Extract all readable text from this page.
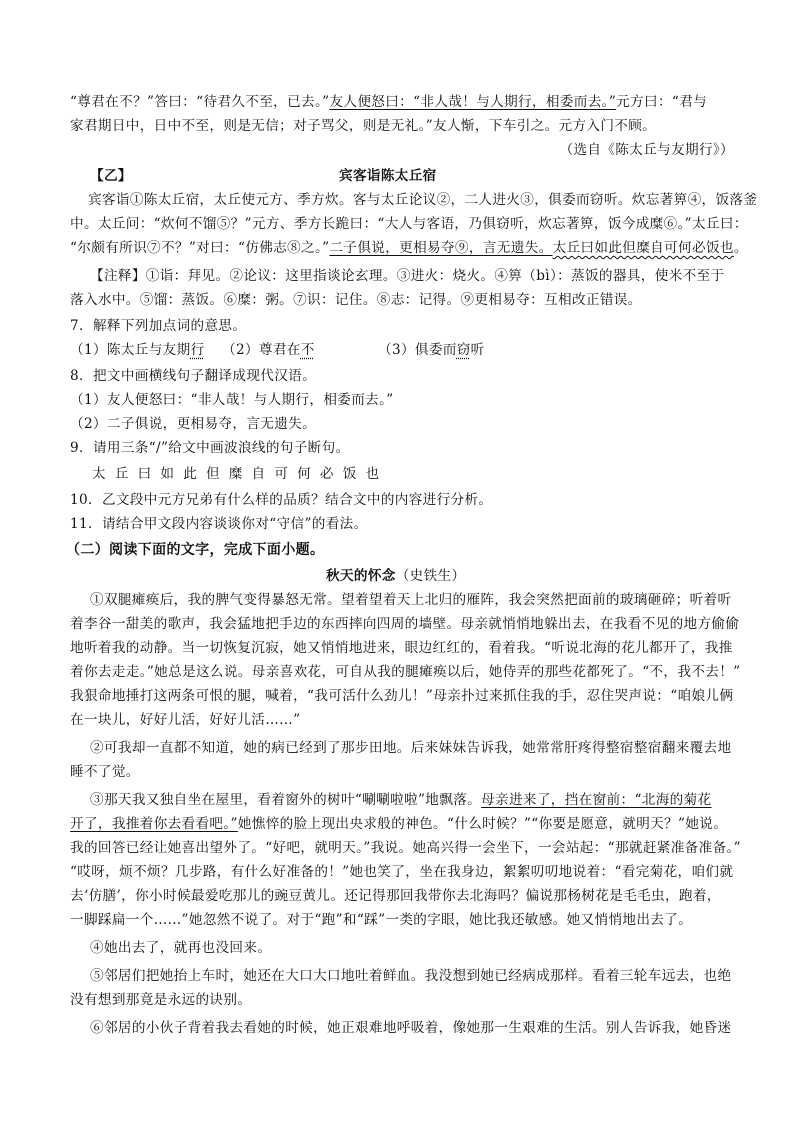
“尊君在不？”答曰：“待君久不至，已去。”友人便怒曰：“非人哉！与人期行，相委而去。”元方曰：“君与
家君期日中，日中不至，则是无信；对子骂父，则是无礼。”友人惭，下车引之。元方入门不顾。
（选自《陈太丘与友期行》）
【乙】	宾客诣陈太丘宿
宾客诣①陈太丘宿，太丘使元方、季方炊。客与太丘论议②，二人进火③，俱委而窃听。炊忘著箅④，饭落釜
中。太丘问：“炊何不馏⑤？”元方、季方长跪曰：“大人与客语，乃俱窃听，炊忘著箅，饭今成糜⑥。”太丘曰：
“尔颇有所识⑦不？”对曰：“仿佛志⑧之。”二子俱说，更相易夺⑨，言无遗失。太丘曰如此但糜自可何必饭也。
【注释】①诣：拜见。②论议：这里指谈论玄理。③进火：烧火。④箅（bì）：蒸饭的器具，使米不至于
落入水中。⑤馏：蒸饭。⑥糜：粥。⑦识：记住。⑧志：记得。⑨更相易夺：互相改正错误。
7．解释下列加点词的意思。
（1）陈太丘与友期行 （2）尊君在不	（3）俱委而窃听
8．把文中画横线句子翻译成现代汉语。
（1）友人便怒曰：“非人哉！与人期行，相委而去。”
（2）二子俱说，更相易夺，言无遗失。
9．请用三条“/”给文中画波浪线的句子断句。
太丘曰如此但糜自可何必饭也
10．乙文段中元方兄弟有什么样的品质？结合文中的内容进行分析。
11．请结合甲文段内容谈谈你对“守信”的看法。
（二）阅读下面的文字，完成下面小题。
秋天的怀念（史铁生）
①双腿瘫痪后，我的脾气变得暴怒无常。望着望着天上北归的雁阵，我会突然把面前的玻璃砸碎；听着听
着李谷一甜美的歌声，我会猛地把手边的东西摔向四周的墙壁。母亲就悄悄地躲出去，在我看不见的地方偷偷
地听着我的动静。当一切恢复沉寂，她又悄悄地进来，眼边红红的，看着我。“听说北海的花儿都开了，我推
着你去走走。”她总是这么说。母亲喜欢花，可自从我的腿瘫痪以后，她侍弄的那些花都死了。“不，我不去！”
我狠命地捶打这两条可恨的腿，喊着，“我可活什么劲儿！”母亲扑过来抓住我的手，忍住哭声说：“咱娘儿俩
在一块儿，好好儿活，好好儿活……”
②可我却一直都不知道，她的病已经到了那步田地。后来妹妹告诉我，她常常肝疼得整宿整宿翻来覆去地
睡不了觉。
③那天我又独自坐在屋里，看着窗外的树叶“唰唰啦啦”地飘落。母亲进来了，挡在窗前：“北海的菊花
开了，我推着你去看看吧。”她憔悴的脸上现出央求般的神色。“什么时候？”“你要是愿意，就明天？”她说。
我的回答已经让她喜出望外了。“好吧，就明天。”我说。她高兴得一会坐下，一会站起：“那就赶紧准备准备。”
“哎呀，烦不烦？几步路，有什么好准备的！”她也笑了，坐在我身边，絮絮叨叨地说着：“看完菊花，咱们就
去‘仿膳’，你小时候最爱吃那儿的豌豆黄儿。还记得那回我带你去北海吗？偏说那杨树花是毛毛虫，跑着，
一脚踩扁一个……”她忽然不说了。对于“跑”和“踩”一类的字眼，她比我还敏感。她又悄悄地出去了。
④她出去了，就再也没回来。
⑤邻居们把她抬上车时，她还在大口大口地吐着鲜血。我没想到她已经病成那样。看着三轮车远去，也绝
没有想到那竟是永远的诀别。
⑥邻居的小伙子背着我去看她的时候，她正艰难地呼吸着，像她那一生艰难的生活。别人告诉我，她昏迷
